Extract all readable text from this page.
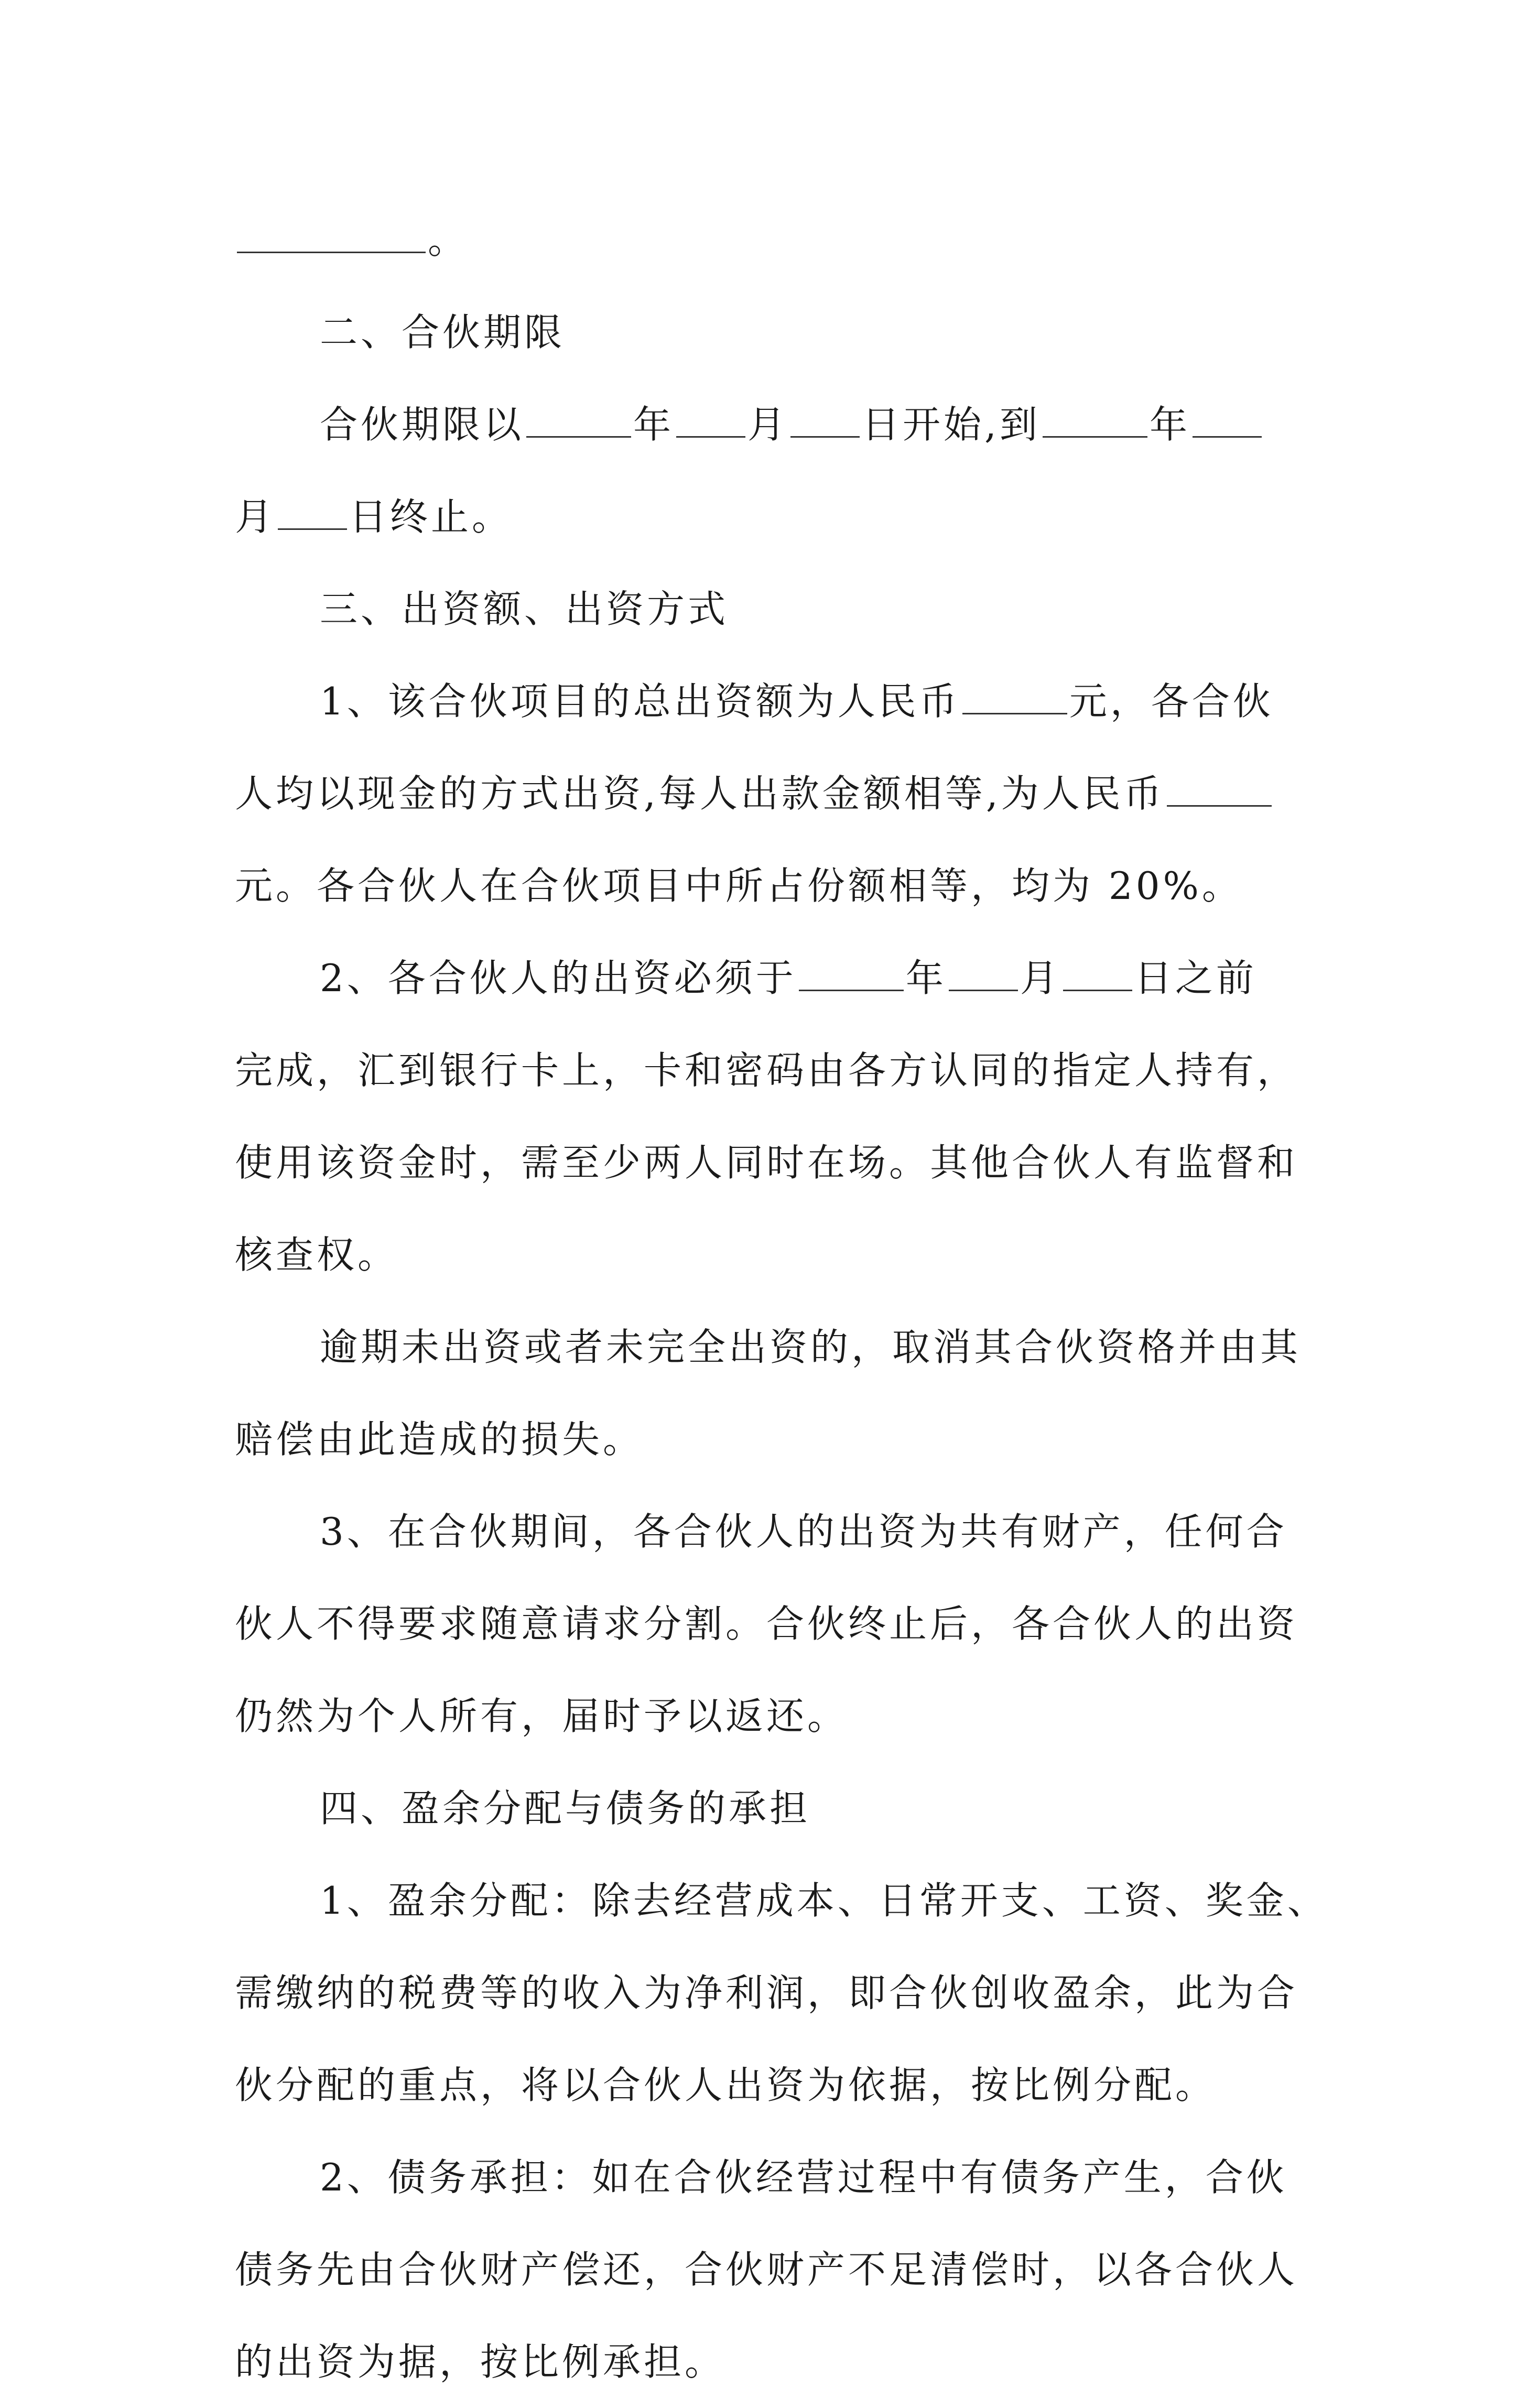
。
二、合伙期限
合伙期限以	年 月 日开始,到	年
月 日终止。
三、出资额、出资方式
1、该合伙项目的总出资额为人民币	元，各合伙
人均以现金的方式出资,每人出款金额相等,为人民币
元。各合伙人在合伙项目中所占份额相等，均为 20%。
2、各合伙人的出资必须于	年 月 日之前
完成，汇到银行卡上，卡和密码由各方认同的指定人持有，
使用该资金时，需至少两人同时在场。其他合伙人有监督和
核查权。
逾期未出资或者未完全出资的，取消其合伙资格并由其
赔偿由此造成的损失。
3、在合伙期间，各合伙人的出资为共有财产，任何合
伙人不得要求随意请求分割。合伙终止后，各合伙人的出资
仍然为个人所有，届时予以返还。
四、盈余分配与债务的承担
1、盈余分配：除去经营成本、日常开支、工资、奖金、
需缴纳的税费等的收入为净利润，即合伙创收盈余，此为合
伙分配的重点，将以合伙人出资为依据，按比例分配。
2、债务承担：如在合伙经营过程中有债务产生，合伙
债务先由合伙财产偿还，合伙财产不足清偿时，以各合伙人
的出资为据，按比例承担。
